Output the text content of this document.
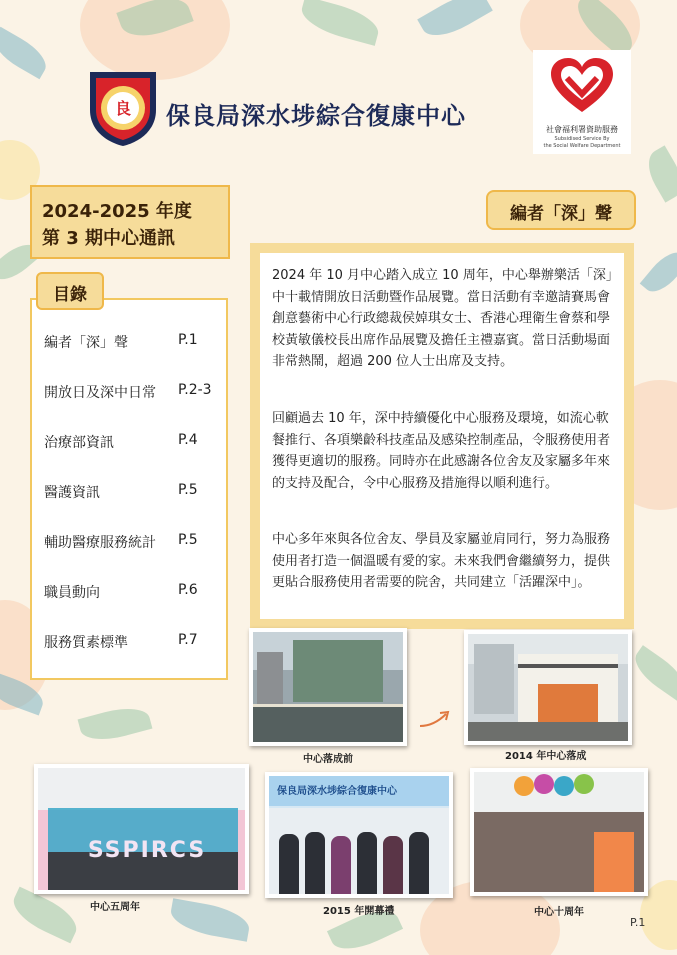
良 保良局深水埗綜合復康中心	社會福利署資助服務
Subsidised Service By
the Social Welfare Department
2024-2025 年度
第 3 期中心通訊
目錄
編者「深」聲	P.1
開放日及深中日常 P.2-3
治療部資訊	P.4
醫護資訊	P.5
輔助醫療服務統計 P.5
職員動向	P.6
服務質素標準	P.7
編者「深」聲
2024 年 10 月中心踏入成立 10 周年，中心舉辦樂活「深」中十載情開放日活動暨作品展覽。當日活動有幸邀請賽馬會創意藝術中心行政總裁侯婥琪女士、香港心理衛生會蔡和學校黃敏儀校長出席作品展覽及擔任主禮嘉賓。當日活動場面非常熱鬧，超過 200 位人士出席及支持。
回顧過去 10 年，深中持續優化中心服務及環境，如流心軟餐推行、各項樂齡科技產品及感染控制產品，令服務使用者獲得更適切的服務。同時亦在此感謝各位舍友及家屬多年來的支持及配合，令中心服務及措施得以順利進行。
中心多年來與各位舍友、學員及家屬並肩同行，努力為服務使用者打造一個溫暖有愛的家。未來我們會繼續努力，提供更貼合服務使用者需要的院舍，共同建立「活躍深中」。
中心落成前	2014 年中心落成
SSPIRCS
中心五周年
保良局深水埗綜合復康中心
2015 年開幕禮	中心十周年
P.1
